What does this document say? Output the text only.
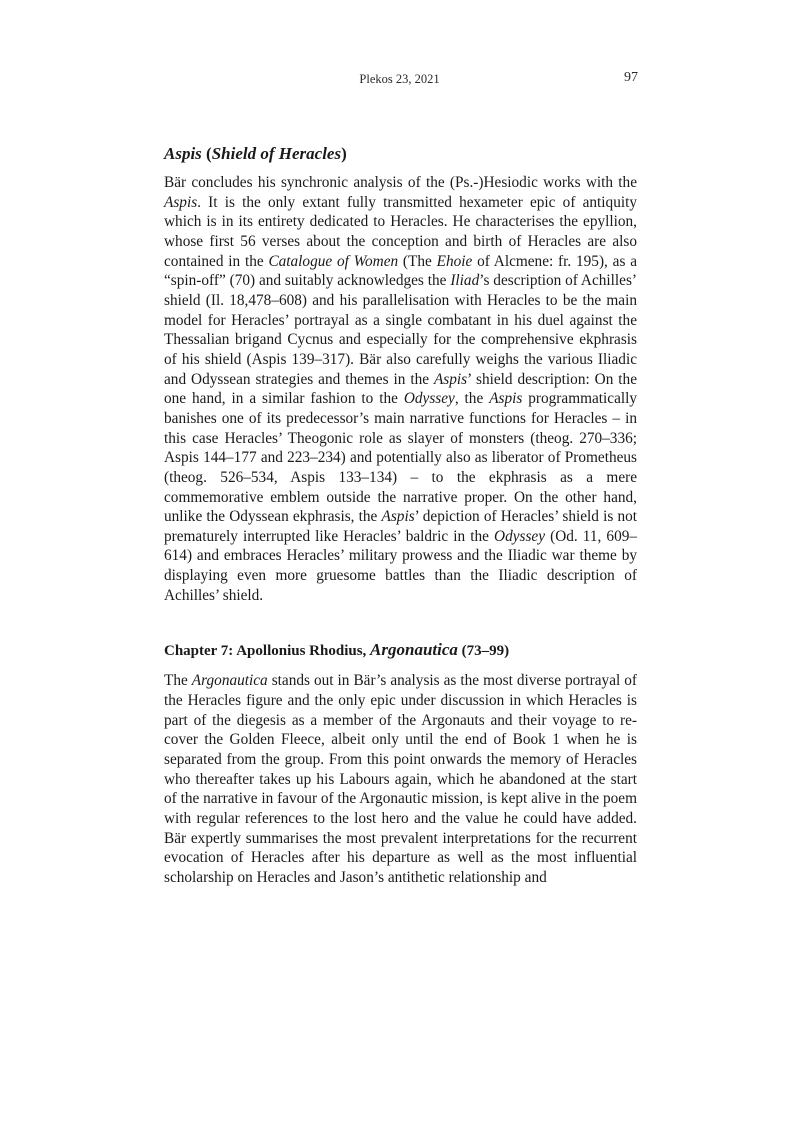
Plekos 23, 2021	97
Aspis (Shield of Heracles)

Bär concludes his synchronic analysis of the (Ps.-)Hesiodic works with the Aspis. It is the only extant fully transmitted hexameter epic of antiquity which is in its entirety dedicated to Heracles. He characterises the epyllion, whose first 56 verses about the conception and birth of Heracles are also contained in the Catalogue of Women (The Ehoie of Alcmene: fr. 195), as a “spin-off” (70) and suitably acknowledges the Iliad’s description of Achilles’ shield (Il. 18,478–608) and his parallelisation with Heracles to be the main model for Heracles’ portrayal as a single combatant in his duel against the Thessalian brigand Cycnus and especially for the comprehensive ekphrasis of his shield (Aspis 139–317). Bär also carefully weighs the various Iliadic and Odyssean strategies and themes in the Aspis’ shield description: On the one hand, in a similar fashion to the Odyssey, the Aspis programmatically banishes one of its predecessor’s main narrative functions for Heracles – in this case Heracles’ Theogonic role as slayer of monsters (theog. 270–336; Aspis 144–177 and 223–234) and potentially also as liberator of Prometheus (theog. 526–534, Aspis 133–134) – to the ekphrasis as a mere commemorative emblem outside the narrative proper. On the other hand, unlike the Odyssean ekphrasis, the Aspis’ depiction of Heracles’ shield is not prematurely interrupted like Heracles’ baldric in the Odyssey (Od. 11, 609–614) and embraces Heracles’ military prowess and the Iliadic war theme by displaying even more gruesome battles than the Iliadic description of Achilles’ shield.

Chapter 7: Apollonius Rhodius, Argonautica (73–99)

The Argonautica stands out in Bär’s analysis as the most diverse portrayal of the Heracles figure and the only epic under discussion in which Heracles is part of the diegesis as a member of the Argonauts and their voyage to recover the Golden Fleece, albeit only until the end of Book 1 when he is separated from the group. From this point onwards the memory of Heracles who thereafter takes up his Labours again, which he abandoned at the start of the narrative in favour of the Argonautic mission, is kept alive in the poem with regular references to the lost hero and the value he could have added. Bär expertly summarises the most prevalent interpretations for the recurrent evocation of Heracles after his departure as well as the most influential scholarship on Heracles and Jason’s antithetic relationship and
